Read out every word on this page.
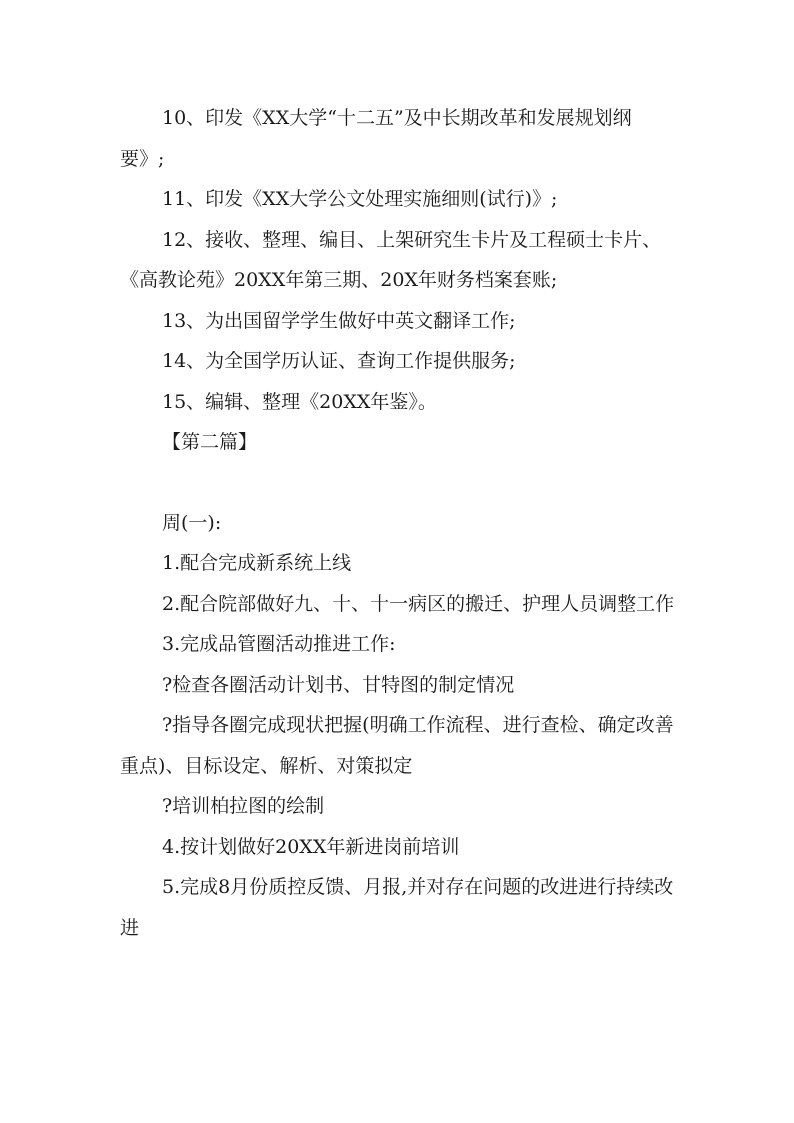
10、印发《XX大学“十二五”及中长期改革和发展规划纲要》;

11、印发《XX大学公文处理实施细则(试行)》;

12、接收、整理、编目、上架研究生卡片及工程硕士卡片、《高教论苑》20XX年第三期、20X年财务档案套账;

13、为出国留学学生做好中英文翻译工作;

14、为全国学历认证、查询工作提供服务;

15、编辑、整理《20XX年鉴》。

【第二篇】

周(一):

1.配合完成新系统上线

2.配合院部做好九、十、十一病区的搬迁、护理人员调整工作

3.完成品管圈活动推进工作:

?检查各圈活动计划书、甘特图的制定情况

?指导各圈完成现状把握(明确工作流程、进行查检、确定改善重点)、目标设定、解析、对策拟定

?培训柏拉图的绘制

4.按计划做好20XX年新进岗前培训

5.完成8月份质控反馈、月报,并对存在问题的改进进行持续改进
